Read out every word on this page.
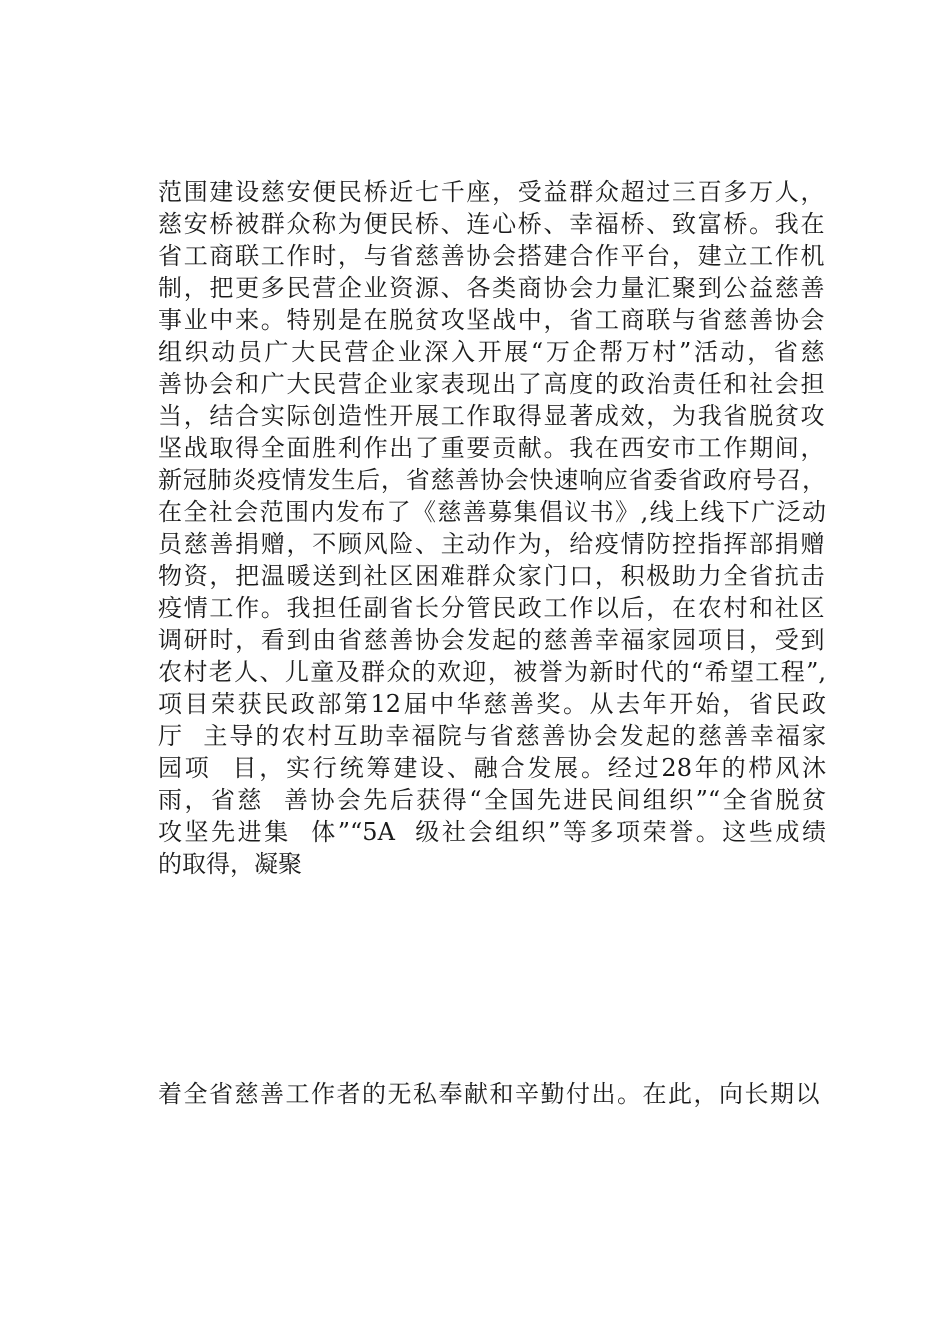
范围建设慈安便民桥近七千座，受益群众超过三百多万人，
慈安桥被群众称为便民桥、连心桥、幸福桥、致富桥。我在
省工商联工作时，与省慈善协会搭建合作平台，建立工作机
制，把更多民营企业资源、各类商协会力量汇聚到公益慈善
事业中来。特别是在脱贫攻坚战中，省工商联与省慈善协会
组织动员广大民营企业深入开展“万企帮万村”活动，省慈
善协会和广大民营企业家表现出了高度的政治责任和社会担
当，结合实际创造性开展工作取得显著成效，为我省脱贫攻
坚战取得全面胜利作出了重要贡献。我在西安市工作期间，
新冠肺炎疫情发生后，省慈善协会快速响应省委省政府号召，
在全社会范围内发布了《慈善募集倡议书》,线上线下广泛动
员慈善捐赠，不顾风险、主动作为，给疫情防控指挥部捐赠
物资，把温暖送到社区困难群众家门口，积极助力全省抗击
疫情工作。我担任副省长分管民政工作以后，在农村和社区
调研时，看到由省慈善协会发起的慈善幸福家园项目，受到
农村老人、儿童及群众的欢迎，被誉为新时代的“希望工程”,
项目荣获民政部第12届中华慈善奖。从去年开始，省民政
厅  主导的农村互助幸福院与省慈善协会发起的慈善幸福家
园项  目，实行统筹建设、融合发展。经过28年的栉风沐
雨，省慈  善协会先后获得“全国先进民间组织”“全省脱贫
攻坚先进集  体”“5A  级社会组织”等多项荣誉。这些成绩
的取得，凝聚
着全省慈善工作者的无私奉献和辛勤付出。在此，向长期以
